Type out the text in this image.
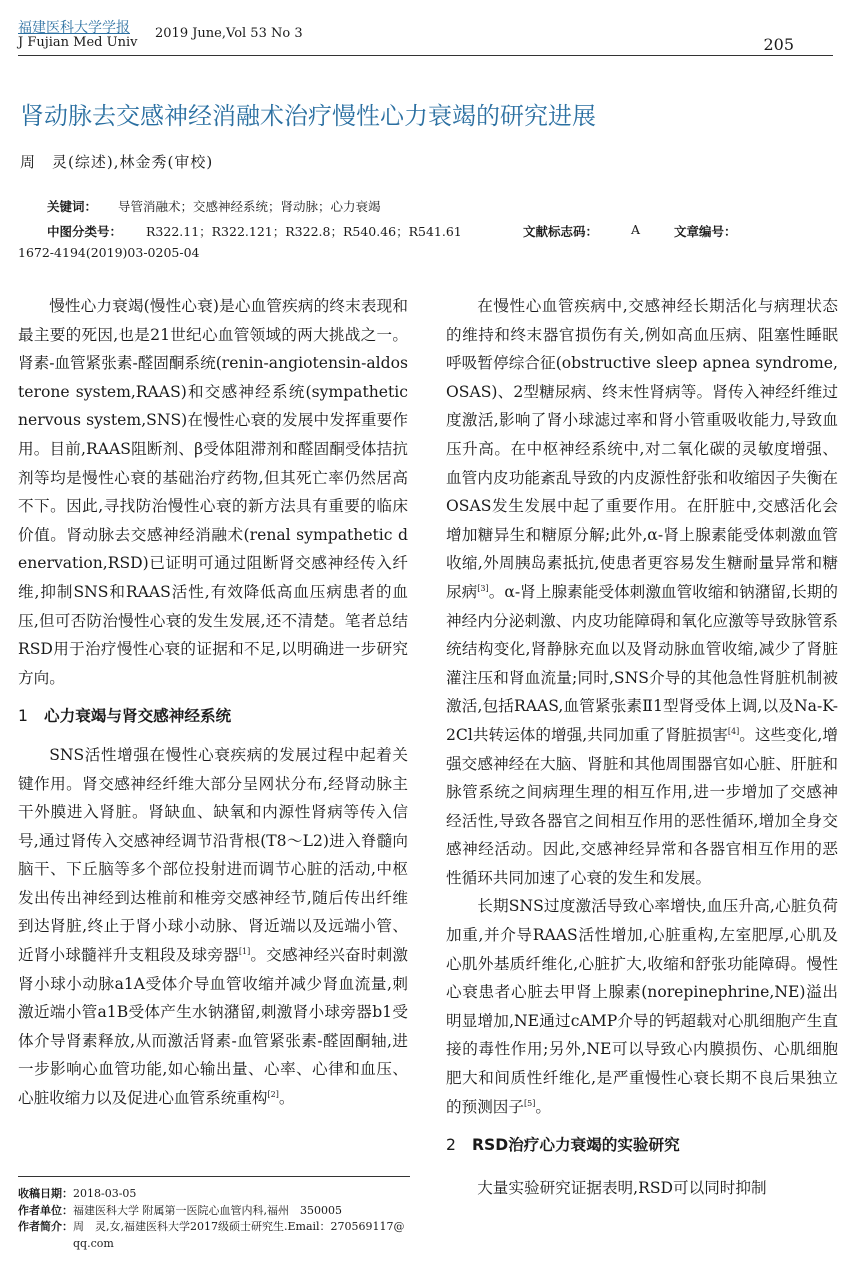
福建医科大学学报
J Fujian Med Univ
2019 June,Vol 53 No 3
205
肾动脉去交感神经消融术治疗慢性心力衰竭的研究进展
周　灵(综述),林金秀(审校)
关键词： 导管消融术；交感神经系统；肾动脉；心力衰竭
中图分类号： R322.11；R322.121；R322.8；R540.46；R541.61	文献标志码：	A	文章编号：
1672-4194(2019)03-0205-04

慢性心力衰竭(慢性心衰)是心血管疾病的终末表现和最主要的死因,也是21世纪心血管领域的两大挑战之一。肾素-血管紧张素-醛固酮系统(renin-angiotensin-aldosterone system,RAAS)和交感神经系统(sympathetic nervous system,SNS)在慢性心衰的发展中发挥重要作用。目前,RAAS阻断剂、β受体阻滞剂和醛固酮受体拮抗剂等均是慢性心衰的基础治疗药物,但其死亡率仍然居高不下。因此,寻找防治慢性心衰的新方法具有重要的临床价值。肾动脉去交感神经消融术(renal sympathetic denervation,RSD)已证明可通过阻断肾交感神经传入纤维,抑制SNS和RAAS活性,有效降低高血压病患者的血压,但可否防治慢性心衰的发生发展,还不清楚。笔者总结RSD用于治疗慢性心衰的证据和不足,以明确进一步研究方向。

1 心力衰竭与肾交感神经系统

SNS活性增强在慢性心衰疾病的发展过程中起着关键作用。肾交感神经纤维大部分呈网状分布,经肾动脉主干外膜进入肾脏。肾缺血、缺氧和内源性肾病等传入信号,通过肾传入交感神经调节沿背根(T8～L2)进入脊髓向脑干、下丘脑等多个部位投射进而调节心脏的活动,中枢发出传出神经到达椎前和椎旁交感神经节,随后传出纤维到达肾脏,终止于肾小球小动脉、肾近端以及远端小管、近肾小球髓袢升支粗段及球旁器[1]。交感神经兴奋时刺激肾小球小动脉a1A受体介导血管收缩并减少肾血流量,刺激近端小管a1B受体产生水钠潴留,刺激肾小球旁器b1受体介导肾素释放,从而激活肾素-血管紧张素-醛固酮轴,进一步影响心血管功能,如心输出量、心率、心律和血压、心脏收缩力以及促进心血管系统重构[2]。

在慢性心血管疾病中,交感神经长期活化与病理状态的维持和终末器官损伤有关,例如高血压病、阻塞性睡眠呼吸暂停综合征(obstructive sleep apnea syndrome,OSAS)、2型糖尿病、终末性肾病等。肾传入神经纤维过度激活,影响了肾小球滤过率和肾小管重吸收能力,导致血压升高。在中枢神经系统中,对二氧化碳的灵敏度增强、血管内皮功能紊乱导致的内皮源性舒张和收缩因子失衡在OSAS发生发展中起了重要作用。在肝脏中,交感活化会增加糖异生和糖原分解;此外,α-肾上腺素能受体刺激血管收缩,外周胰岛素抵抗,使患者更容易发生糖耐量异常和糖尿病[3]。α-肾上腺素能受体刺激血管收缩和钠潴留,长期的神经内分泌刺激、内皮功能障碍和氧化应激等导致脉管系统结构变化,肾静脉充血以及肾动脉血管收缩,减少了肾脏灌注压和肾血流量;同时,SNS介导的其他急性肾脏机制被激活,包括RAAS,血管紧张素Ⅱ1型肾受体上调,以及Na-K-2Cl共转运体的增强,共同加重了肾脏损害[4]。这些变化,增强交感神经在大脑、肾脏和其他周围器官如心脏、肝脏和脉管系统之间病理生理的相互作用,进一步增加了交感神经活性,导致各器官之间相互作用的恶性循环,增加全身交感神经活动。因此,交感神经异常和各器官相互作用的恶性循环共同加速了心衰的发生和发展。

长期SNS过度激活导致心率增快,血压升高,心脏负荷加重,并介导RAAS活性增加,心脏重构,左室肥厚,心肌及心肌外基质纤维化,心脏扩大,收缩和舒张功能障碍。慢性心衰患者心脏去甲肾上腺素(norepinephrine,NE)溢出明显增加,NE通过cAMP介导的钙超载对心肌细胞产生直接的毒性作用;另外,NE可以导致心内膜损伤、心肌细胞肥大和间质性纤维化,是严重慢性心衰长期不良后果独立的预测因子[5]。

2 RSD治疗心力衰竭的实验研究

大量实验研究证据表明,RSD可以同时抑制

收稿日期： 2018-03-05
作者单位： 福建医科大学 附属第一医院心血管内科,福州　350005
作者简介： 周　灵,女,福建医科大学2017级硕士研究生.Email：270569117@ qq.com
